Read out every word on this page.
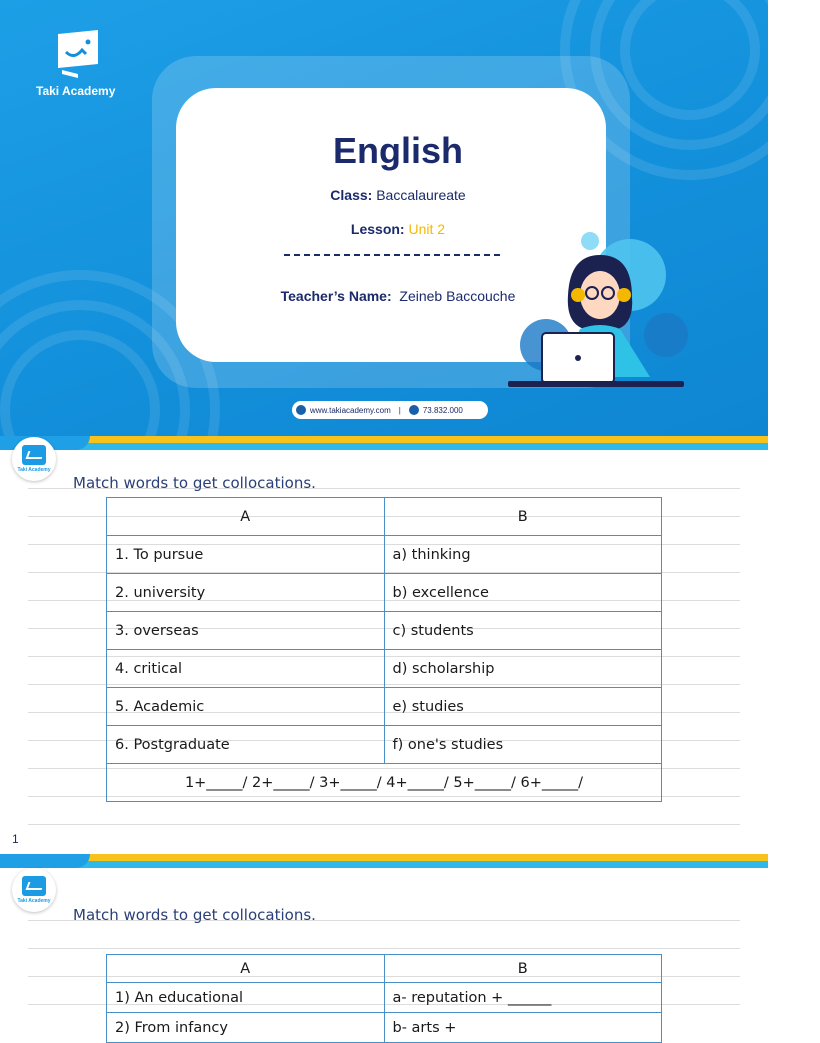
Taki Academy
English
Class: Baccalaureate
Lesson: Unit 2
Teacher’s Name: Zeineb Baccouche
www.takiacademy.com |	73.832.000
Taki Academy
Match words to get collocations.
A	B
1. To pursue	a) thinking
2. university	b) excellence
3. overseas	c) students
4. critical	d) scholarship
5. Academic	e) studies
6. Postgraduate	f) one's studies
1+_____/ 2+_____/ 3+_____/ 4+_____/ 5+_____/ 6+_____/	
1
Taki Academy
Match words to get collocations.
A	B
1) An educational	a- reputation + ______
2) From infancy	b- arts +
